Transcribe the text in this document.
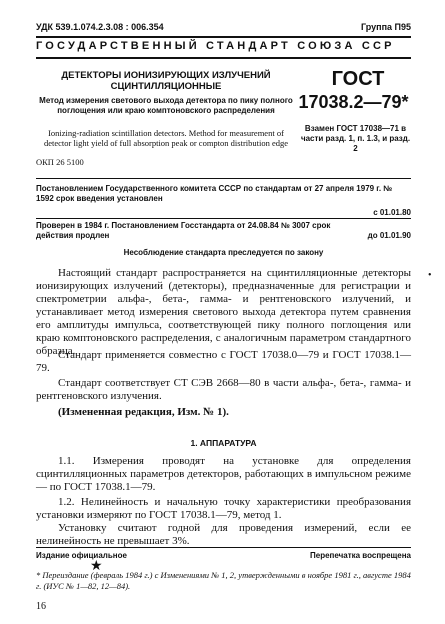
УДК 539.1.074.2.3.08 : 006.354	Группа П95
ГОСУДАРСТВЕННЫЙ СТАНДАРТ СОЮЗА ССР
ДЕТЕКТОРЫ ИОНИЗИРУЮЩИХ ИЗЛУЧЕНИЙ СЦИНТИЛЛЯЦИОННЫЕ
Метод измерения светового выхода детектора по пику полного поглощения или краю комптоновского распределения
Ionizing-radiation scintillation detectors. Method for measurement of detector light yield of full absorption peak or compton distribution edge
ОКП 26 5100
ГОСТ
17038.2—79*
Взамен ГОСТ 17038—71 в части разд. 1, п. 1.3, и разд. 2
Постановлением Государственного комитета СССР по стандартам от 27 апреля 1979 г. № 1592 срок введения установлен
с 01.01.80
Проверен в 1984 г. Постановлением Госстандарта от 24.08.84 № 3007 срок действия продлен	до 01.01.90
Несоблюдение стандарта преследуется по закону
Настоящий стандарт распространяется на сцинтилляционные детекторы ионизирующих излучений (детекторы), предназначенные для регистрации и спектрометрии альфа-, бета-, гамма- и рентгеновского излучений, и устанавливает метод измерения светового выхода детектора путем сравнения его амплитуды импульса, соответствующей пику полного поглощения или краю комптоновского распределения, с аналогичным параметром стандартного образца.
Стандарт применяется совместно с ГОСТ 17038.0—79 и ГОСТ 17038.1—79.
Стандарт соответствует СТ СЭВ 2668—80 в части альфа-, бета-, гамма- и рентгеновского излучения.
(Измененная редакция, Изм. № 1).
1. АППАРАТУРА
1.1. Измерения проводят на установке для определения сцинтилляционных параметров детекторов, работающих в импульсном режиме — по ГОСТ 17038.1—79.
1.2. Нелинейность и начальную точку характеристики преобразования установки измеряют по ГОСТ 17038.1—79, метод 1.
Установку считают годной для проведения измерений, если ее нелинейность не превышает 3%.
Издание официальное	Перепечатка воспрещена
★
* Переиздание (февраль 1984 г.) с Изменениями № 1, 2, утвержденными в ноябре 1981 г., августе 1984 г. (ИУС № 1—82, 12—84).
16
•
